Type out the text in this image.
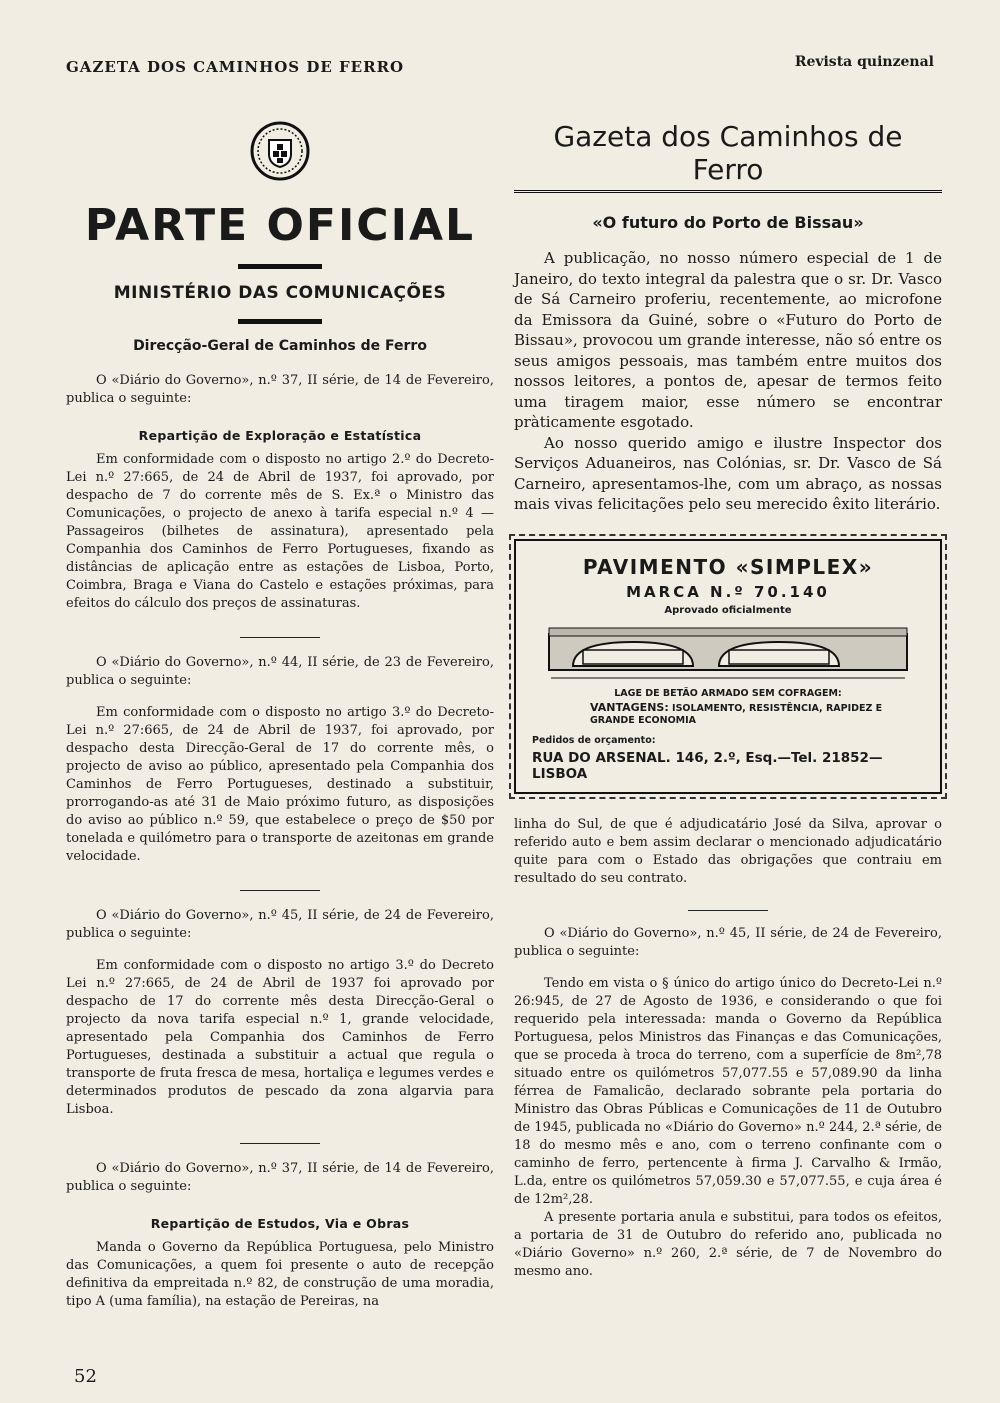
GAZETA DOS CAMINHOS DE FERRO	Revista quinzenal
PARTE OFICIAL
MINISTÉRIO DAS COMUNICAÇÕES
Direcção-Geral de Caminhos de Ferro

O «Diário do Governo», n.º 37, II série, de 14 de Fevereiro, publica o seguinte:

Repartição de Exploração e Estatística

Em conformidade com o disposto no artigo 2.º do Decreto-Lei n.º 27:665, de 24 de Abril de 1937, foi aprovado, por despacho de 7 do corrente mês de S. Ex.ª o Ministro das Comunicações, o projecto de anexo à tarifa especial n.º 4 — Passageiros (bilhetes de assinatura), apresentado pela Companhia dos Caminhos de Ferro Portugueses, fixando as distâncias de aplicação entre as estações de Lisboa, Porto, Coimbra, Braga e Viana do Castelo e estações próximas, para efeitos do cálculo dos preços de assinaturas.

O «Diário do Governo», n.º 44, II série, de 23 de Fevereiro, publica o seguinte:

Em conformidade com o disposto no artigo 3.º do Decreto-Lei n.º 27:665, de 24 de Abril de 1937, foi aprovado, por despacho desta Direcção-Geral de 17 do corrente mês, o projecto de aviso ao público, apresentado pela Companhia dos Caminhos de Ferro Portugueses, destinado a substituir, prorrogando-as até 31 de Maio próximo futuro, as disposições do aviso ao público n.º 59, que estabelece o preço de $50 por tonelada e quilómetro para o transporte de azeitonas em grande velocidade.

O «Diário do Governo», n.º 45, II série, de 24 de Fevereiro, publica o seguinte:

Em conformidade com o disposto no artigo 3.º do Decreto Lei n.º 27:665, de 24 de Abril de 1937 foi aprovado por despacho de 17 do corrente mês desta Direcção-Geral o projecto da nova tarifa especial n.º 1, grande velocidade, apresentado pela Companhia dos Caminhos de Ferro Portugueses, destinada a substituir a actual que regula o transporte de fruta fresca de mesa, hortaliça e legumes verdes e determinados produtos de pescado da zona algarvia para Lisboa.

O «Diário do Governo», n.º 37, II série, de 14 de Fevereiro, publica o seguinte:

Repartição de Estudos, Via e Obras

Manda o Governo da República Portuguesa, pelo Ministro das Comunicações, a quem foi presente o auto de recepção definitiva da empreitada n.º 82, de construção de uma moradia, tipo A (uma família), na estação de Pereiras, na

Gazeta dos Caminhos de Ferro
«O futuro do Porto de Bissau»

A publicação, no nosso número especial de 1 de Janeiro, do texto integral da palestra que o sr. Dr. Vasco de Sá Carneiro proferiu, recentemente, ao microfone da Emissora da Guiné, sobre o «Futuro do Porto de Bissau», provocou um grande interesse, não só entre os seus amigos pessoais, mas também entre muitos dos nossos leitores, a pontos de, apesar de termos feito uma tiragem maior, esse número se encontrar pràticamente esgotado.

Ao nosso querido amigo e ilustre Inspector dos Serviços Aduaneiros, nas Colónias, sr. Dr. Vasco de Sá Carneiro, apresentamos-lhe, com um abraço, as nossas mais vivas felicitações pelo seu merecido êxito literário.

PAVIMENTO «SIMPLEX»
MARCA N.º 70.140
Aprovado oficialmente
LAGE DE BETÃO ARMADO SEM COFRAGEM:
VANTAGENS: ISOLAMENTO, RESISTÊNCIA, RAPIDEZ E GRANDE ECONOMIA
Pedidos de orçamento:
RUA DO ARSENAL. 146, 2.º, Esq.—Tel. 21852—LISBOA

linha do Sul, de que é adjudicatário José da Silva, aprovar o referido auto e bem assim declarar o mencionado adjudicatário quite para com o Estado das obrigações que contraiu em resultado do seu contrato.

O «Diário do Governo», n.º 45, II série, de 24 de Fevereiro, publica o seguinte:

Tendo em vista o § único do artigo único do Decreto-Lei n.º 26:945, de 27 de Agosto de 1936, e considerando o que foi requerido pela interessada: manda o Governo da República Portuguesa, pelos Ministros das Finanças e das Comunicações, que se proceda à troca do terreno, com a superfície de 8m²,78 situado entre os quilómetros 57,077.55 e 57,089.90 da linha férrea de Famalicão, declarado sobrante pela portaria do Ministro das Obras Públicas e Comunicações de 11 de Outubro de 1945, publicada no «Diário do Governo» n.º 244, 2.ª série, de 18 do mesmo mês e ano, com o terreno confinante com o caminho de ferro, pertencente à firma J. Carvalho & Irmão, L.da, entre os quilómetros 57,059.30 e 57,077.55, e cuja área é de 12m²,28.

A presente portaria anula e substitui, para todos os efeitos, a portaria de 31 de Outubro do referido ano, publicada no «Diário Governo» n.º 260, 2.ª série, de 7 de Novembro do mesmo ano.

52
